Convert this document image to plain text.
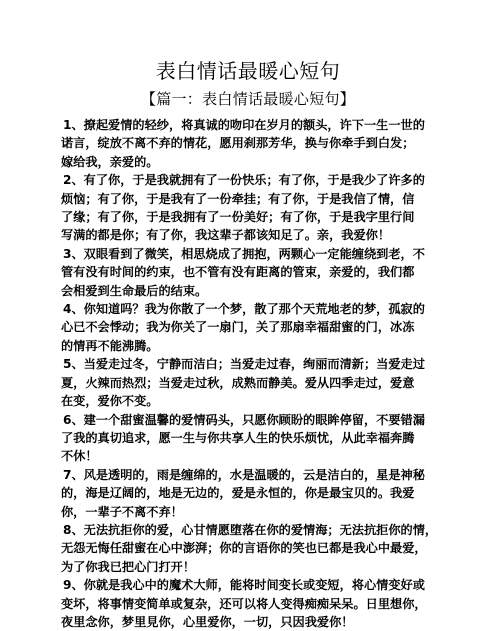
表白情话最暖心短句
【篇一：表白情话最暖心短句】
1、撩起爱情的轻纱，将真诚的吻印在岁月的额头，许下一生一世的
诺言，绽放不离不弃的情花，愿用刹那芳华，换与你牵手到白发；
嫁给我，亲爱的。
2、有了你，于是我就拥有了一份快乐；有了你，于是我少了许多的
烦恼；有了你，于是我有了一份牵挂；有了你，于是我信了情，信
了缘；有了你，于是我拥有了一份美好；有了你，于是我字里行间
写满的都是你；有了你，我这辈子都该知足了。亲，我爱你！
3、双眼看到了微笑，相思烧成了拥抱，两颗心一定能缠绕到老，不
管有没有时间的约束，也不管有没有距离的管束，亲爱的，我们都
会相爱到生命最后的结束。
4、你知道吗？我为你散了一个梦，散了那个天荒地老的梦，孤寂的
心已不会悸动；我为你关了一扇门，关了那扇幸福甜蜜的门，冰冻
的情再不能沸腾。
5、当爱走过冬，宁静而洁白；当爱走过春，绚丽而清新；当爱走过
夏，火辣而热烈；当爱走过秋，成熟而静美。爱从四季走过，爱意
在变，爱你不变。
6、建一个甜蜜温馨的爱情码头，只愿你顾盼的眼眸停留，不要错漏
了我的真切追求，愿一生与你共享人生的快乐烦忧，从此幸福奔腾
不休！
7、风是透明的，雨是缠绵的，水是温暖的，云是洁白的，星是神秘
的，海是辽阔的，地是无边的，爱是永恒的，你是最宝贝的。我爱
你，一辈子不离不弃！
8、无法抗拒你的爱，心甘情愿堕落在你的爱情海；无法抗拒你的情，
无怨无悔任甜蜜在心中澎湃；你的言语你的笑也已都是我心中最爱，
为了你我已把心门打开！
9、你就是我心中的魔术大师，能将时间变长或变短，将心情变好或
变坏，将事情变简单或复杂，还可以将人变得痴痴呆呆。日里想你，
夜里念你，梦里見你，心里爱你，一切，只因我爱你！
